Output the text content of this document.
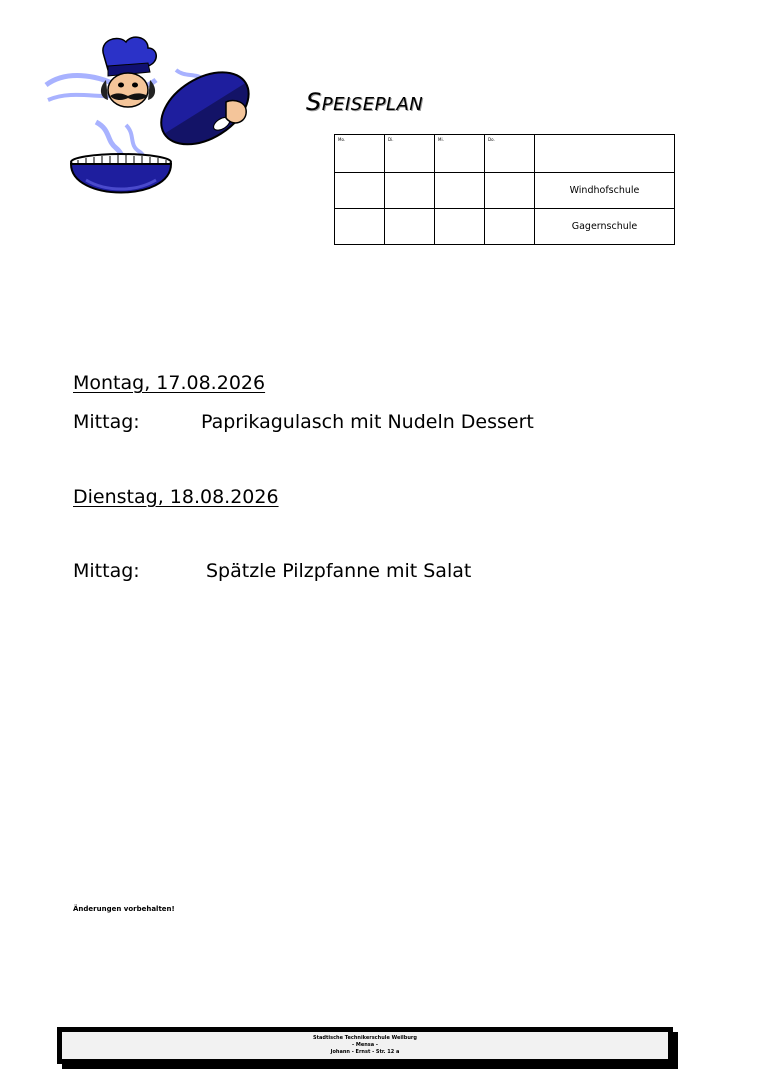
SPEISEPLAN
Mo.	Di.	Mi.	Do.	
				Windhofschule
				Gagernschule
Montag, 17.08.2026
Mittag:	Paprikagulasch mit Nudeln Dessert
Dienstag, 18.08.2026
Mittag:	Spätzle Pilzpfanne mit Salat
Änderungen vorbehalten!
Stadtische Technikerschule Weilburg
- Mensa -
Johann - Ernst - Str. 12 a
